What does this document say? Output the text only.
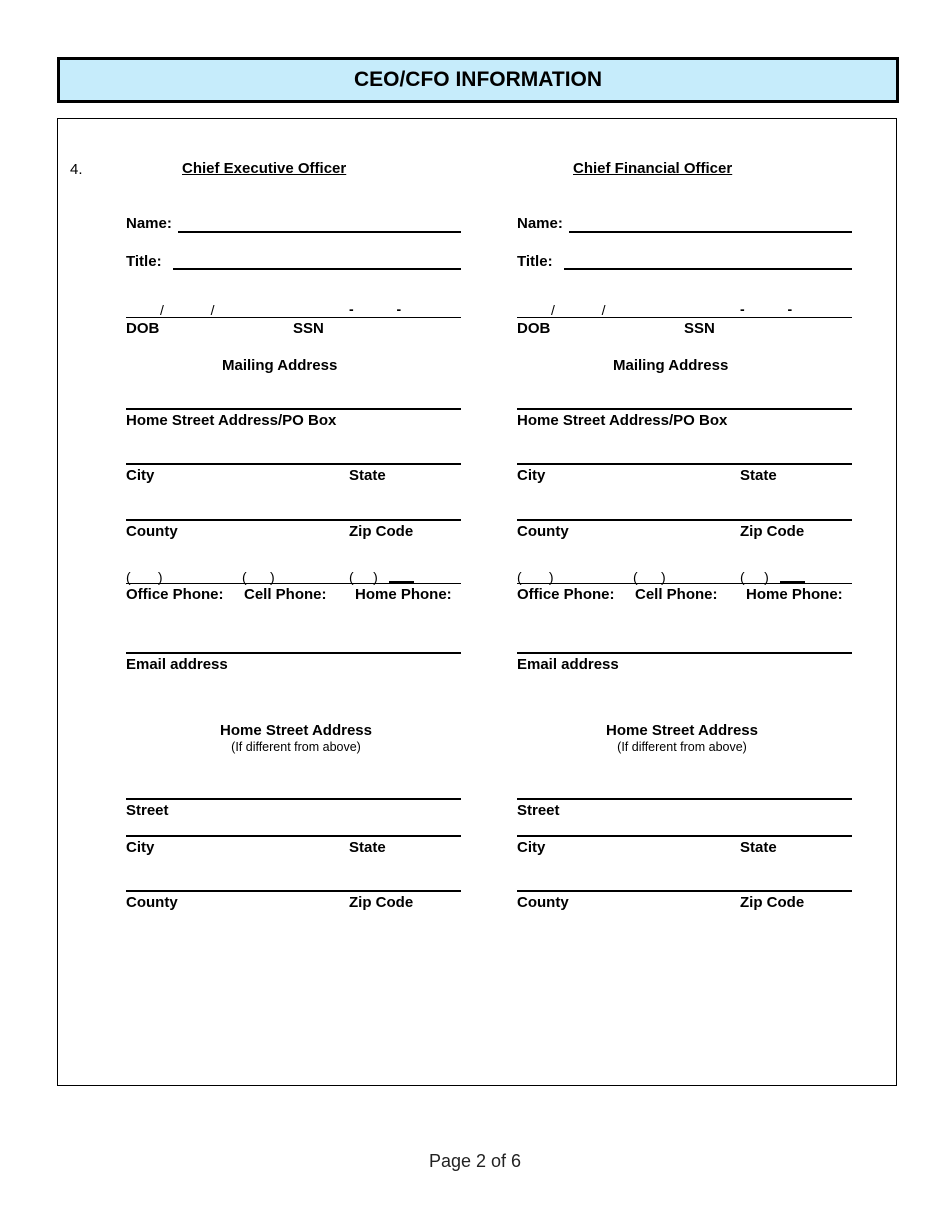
CEO/CFO INFORMATION
4.	Chief Executive Officer
Name:
Title:
/            /	-           -
DOB	SSN
Mailing Address
Home Street Address/PO Box
City	State
County	Zip Code
(       )	(      )	(     )
Office Phone: Cell Phone: Home Phone:
Email address
Home Street Address
(If different from above)
Street
City	State
County	Zip Code
Chief Financial Officer
Name:
Title:
/            /	-           -
DOB	SSN
Mailing Address
Home Street Address/PO Box
City	State
County	Zip Code
(       )	(      )	(     )
Office Phone: Cell Phone: Home Phone:
Email address
Home Street Address
(If different from above)
Street
City	State
County	Zip Code
Page 2 of 6
